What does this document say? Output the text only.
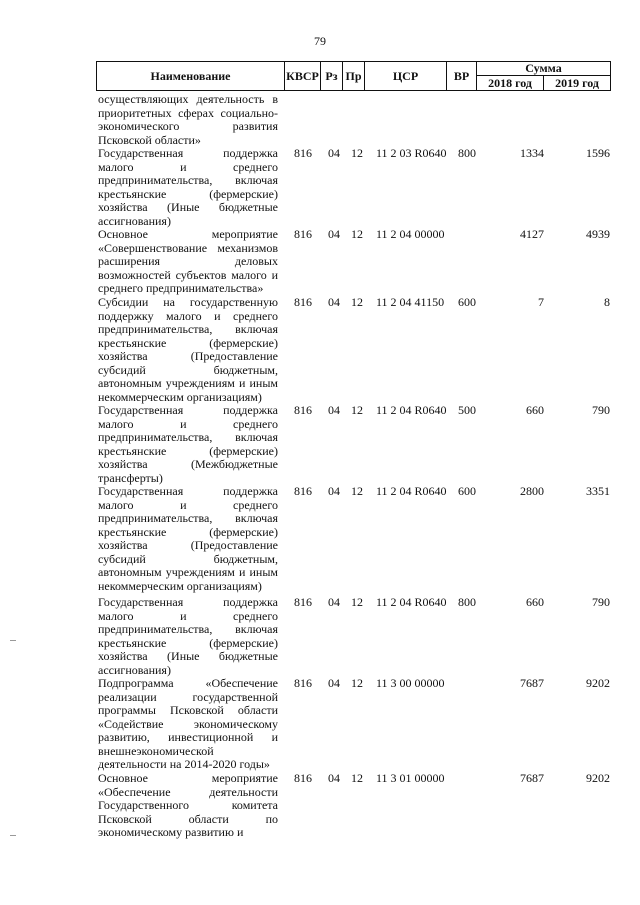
79
Наименование	КВСР Рз Пр	ЦСР	ВР
Сумма
2018 год	2019 год
осуществляющих деятельность в приоритетных сферах социально-экономического развития Псковской области»
Государственная поддержка малого и среднего предпринимательства, включая крестьянские (фермерские) хозяйства (Иные бюджетные ассигнования)
816 04 12 11 2 03 R0640 800	1334	1596
Основное мероприятие «Совершенствование механизмов расширения деловых возможностей субъектов малого и среднего предпринимательства»
816 04 12 11 2 04 00000	4127	4939
Субсидии на государственную поддержку малого и среднего предпринимательства, включая крестьянские (фермерские) хозяйства (Предоставление субсидий бюджетным, автономным учреждениям и иным некоммерческим организациям)
816 04 12 11 2 04 41150 600	7	8
Государственная поддержка малого и среднего предпринимательства, включая крестьянские (фермерские) хозяйства (Межбюджетные трансферты)
816 04 12 11 2 04 R0640 500	660	790
Государственная поддержка малого и среднего предпринимательства, включая крестьянские (фермерские) хозяйства (Предоставление субсидий бюджетным, автономным учреждениям и иным некоммерческим организациям)
816 04 12 11 2 04 R0640 600	2800	3351
Государственная поддержка малого и среднего предпринимательства, включая крестьянские (фермерские) хозяйства (Иные бюджетные ассигнования)
816 04 12 11 2 04 R0640 800	660	790
Подпрограмма «Обеспечение реализации государственной программы Псковской области «Содействие экономическому развитию, инвестиционной и внешнеэкономической деятельности на 2014-2020 годы»
816 04 12 11 3 00 00000	7687	9202
Основное мероприятие «Обеспечение деятельности Государственного комитета Псковской области по экономическому развитию и
816 04 12 11 3 01 00000	7687	9202
